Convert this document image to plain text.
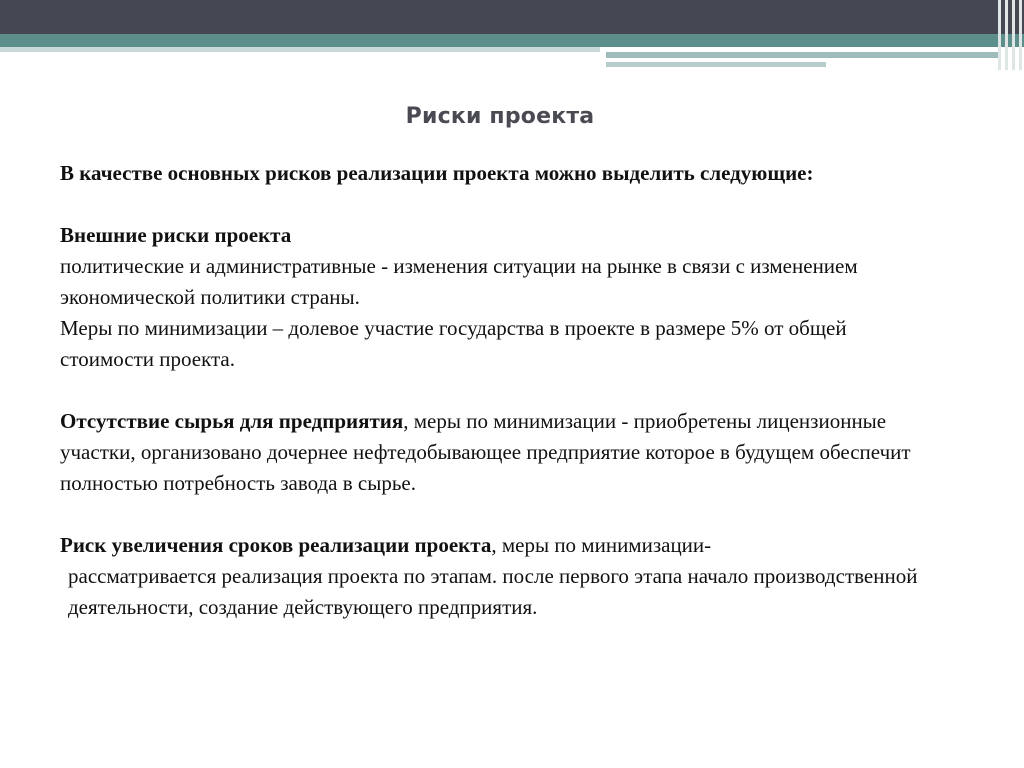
Риски проекта

В качестве основных рисков реализации проекта можно выделить следующие:

Внешние риски проекта

политические и административные - изменения ситуации на рынке в связи с изменением экономической политики страны.

Меры по минимизации – долевое участие государства в проекте в размере 5% от общей стоимости проекта.

Отсутствие сырья для предприятия, меры по минимизации - приобретены лицензионные участки, организовано дочернее нефтедобывающее предприятие которое в будущем обеспечит полностью потребность завода в сырье.

Риск увеличения сроков реализации проекта, меры по минимизации-

рассматривается реализация проекта по этапам. после первого этапа начало производственной деятельности, создание действующего предприятия.
